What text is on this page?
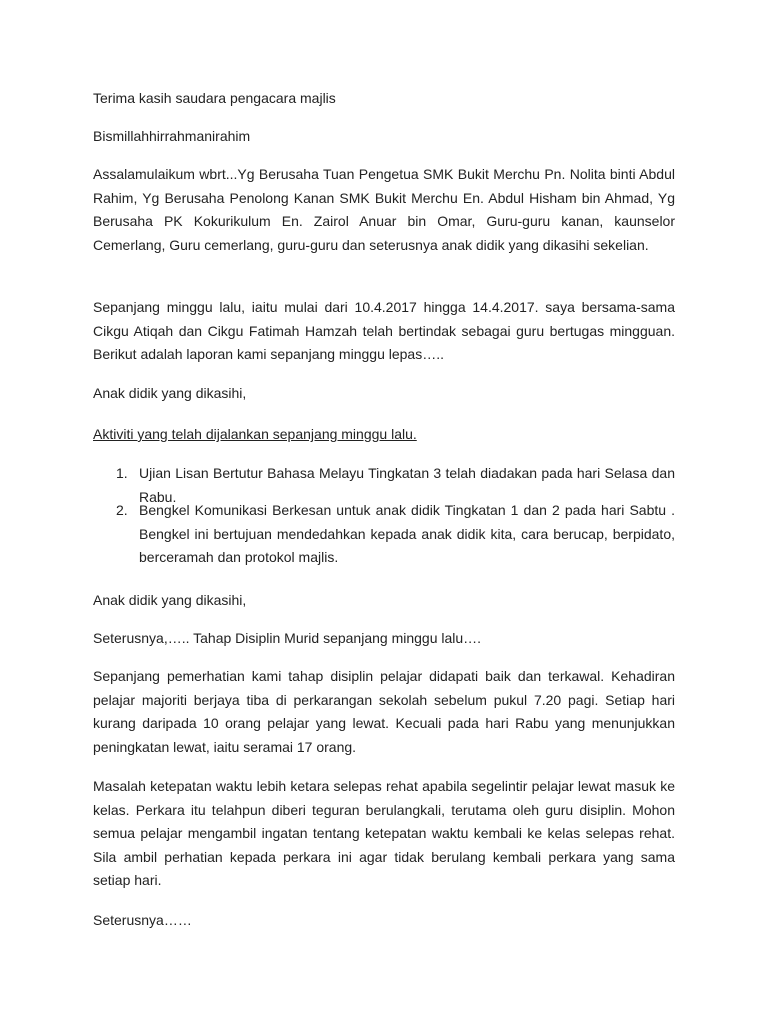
Terima kasih saudara pengacara majlis

Bismillahhirrahmanirahim

Assalamulaikum wbrt...Yg Berusaha Tuan Pengetua SMK Bukit Merchu Pn. Nolita binti Abdul Rahim, Yg Berusaha Penolong Kanan SMK Bukit Merchu En. Abdul Hisham bin Ahmad, Yg Berusaha PK Kokurikulum En. Zairol Anuar bin Omar, Guru-guru kanan, kaunselor Cemerlang, Guru cemerlang, guru-guru dan seterusnya anak didik yang dikasihi sekelian.

Sepanjang minggu lalu, iaitu mulai dari 10.4.2017 hingga 14.4.2017. saya bersama-sama Cikgu Atiqah dan Cikgu Fatimah Hamzah telah bertindak sebagai guru bertugas mingguan. Berikut adalah laporan kami sepanjang minggu lepas…..

Anak didik yang dikasihi,

Aktiviti yang telah dijalankan sepanjang minggu lalu.

1. Ujian Lisan Bertutur Bahasa Melayu Tingkatan 3 telah diadakan pada hari Selasa dan Rabu.
2. Bengkel Komunikasi Berkesan untuk anak didik Tingkatan 1 dan 2 pada hari Sabtu . Bengkel ini bertujuan mendedahkan kepada anak didik kita, cara berucap, berpidato, berceramah dan protokol majlis.

Anak didik yang dikasihi,

Seterusnya,….. Tahap Disiplin Murid sepanjang minggu lalu….

Sepanjang pemerhatian kami tahap disiplin pelajar didapati baik dan terkawal. Kehadiran pelajar majoriti berjaya tiba di perkarangan sekolah sebelum pukul 7.20 pagi. Setiap hari kurang daripada 10 orang pelajar yang lewat. Kecuali pada hari Rabu yang menunjukkan peningkatan lewat, iaitu seramai 17 orang.

Masalah ketepatan waktu lebih ketara selepas rehat apabila segelintir pelajar lewat masuk ke kelas. Perkara itu telahpun diberi teguran berulangkali, terutama oleh guru disiplin. Mohon semua pelajar mengambil ingatan tentang ketepatan waktu kembali ke kelas selepas rehat. Sila ambil perhatian kepada perkara ini agar tidak berulang kembali perkara yang sama setiap hari.

Seterusnya……
